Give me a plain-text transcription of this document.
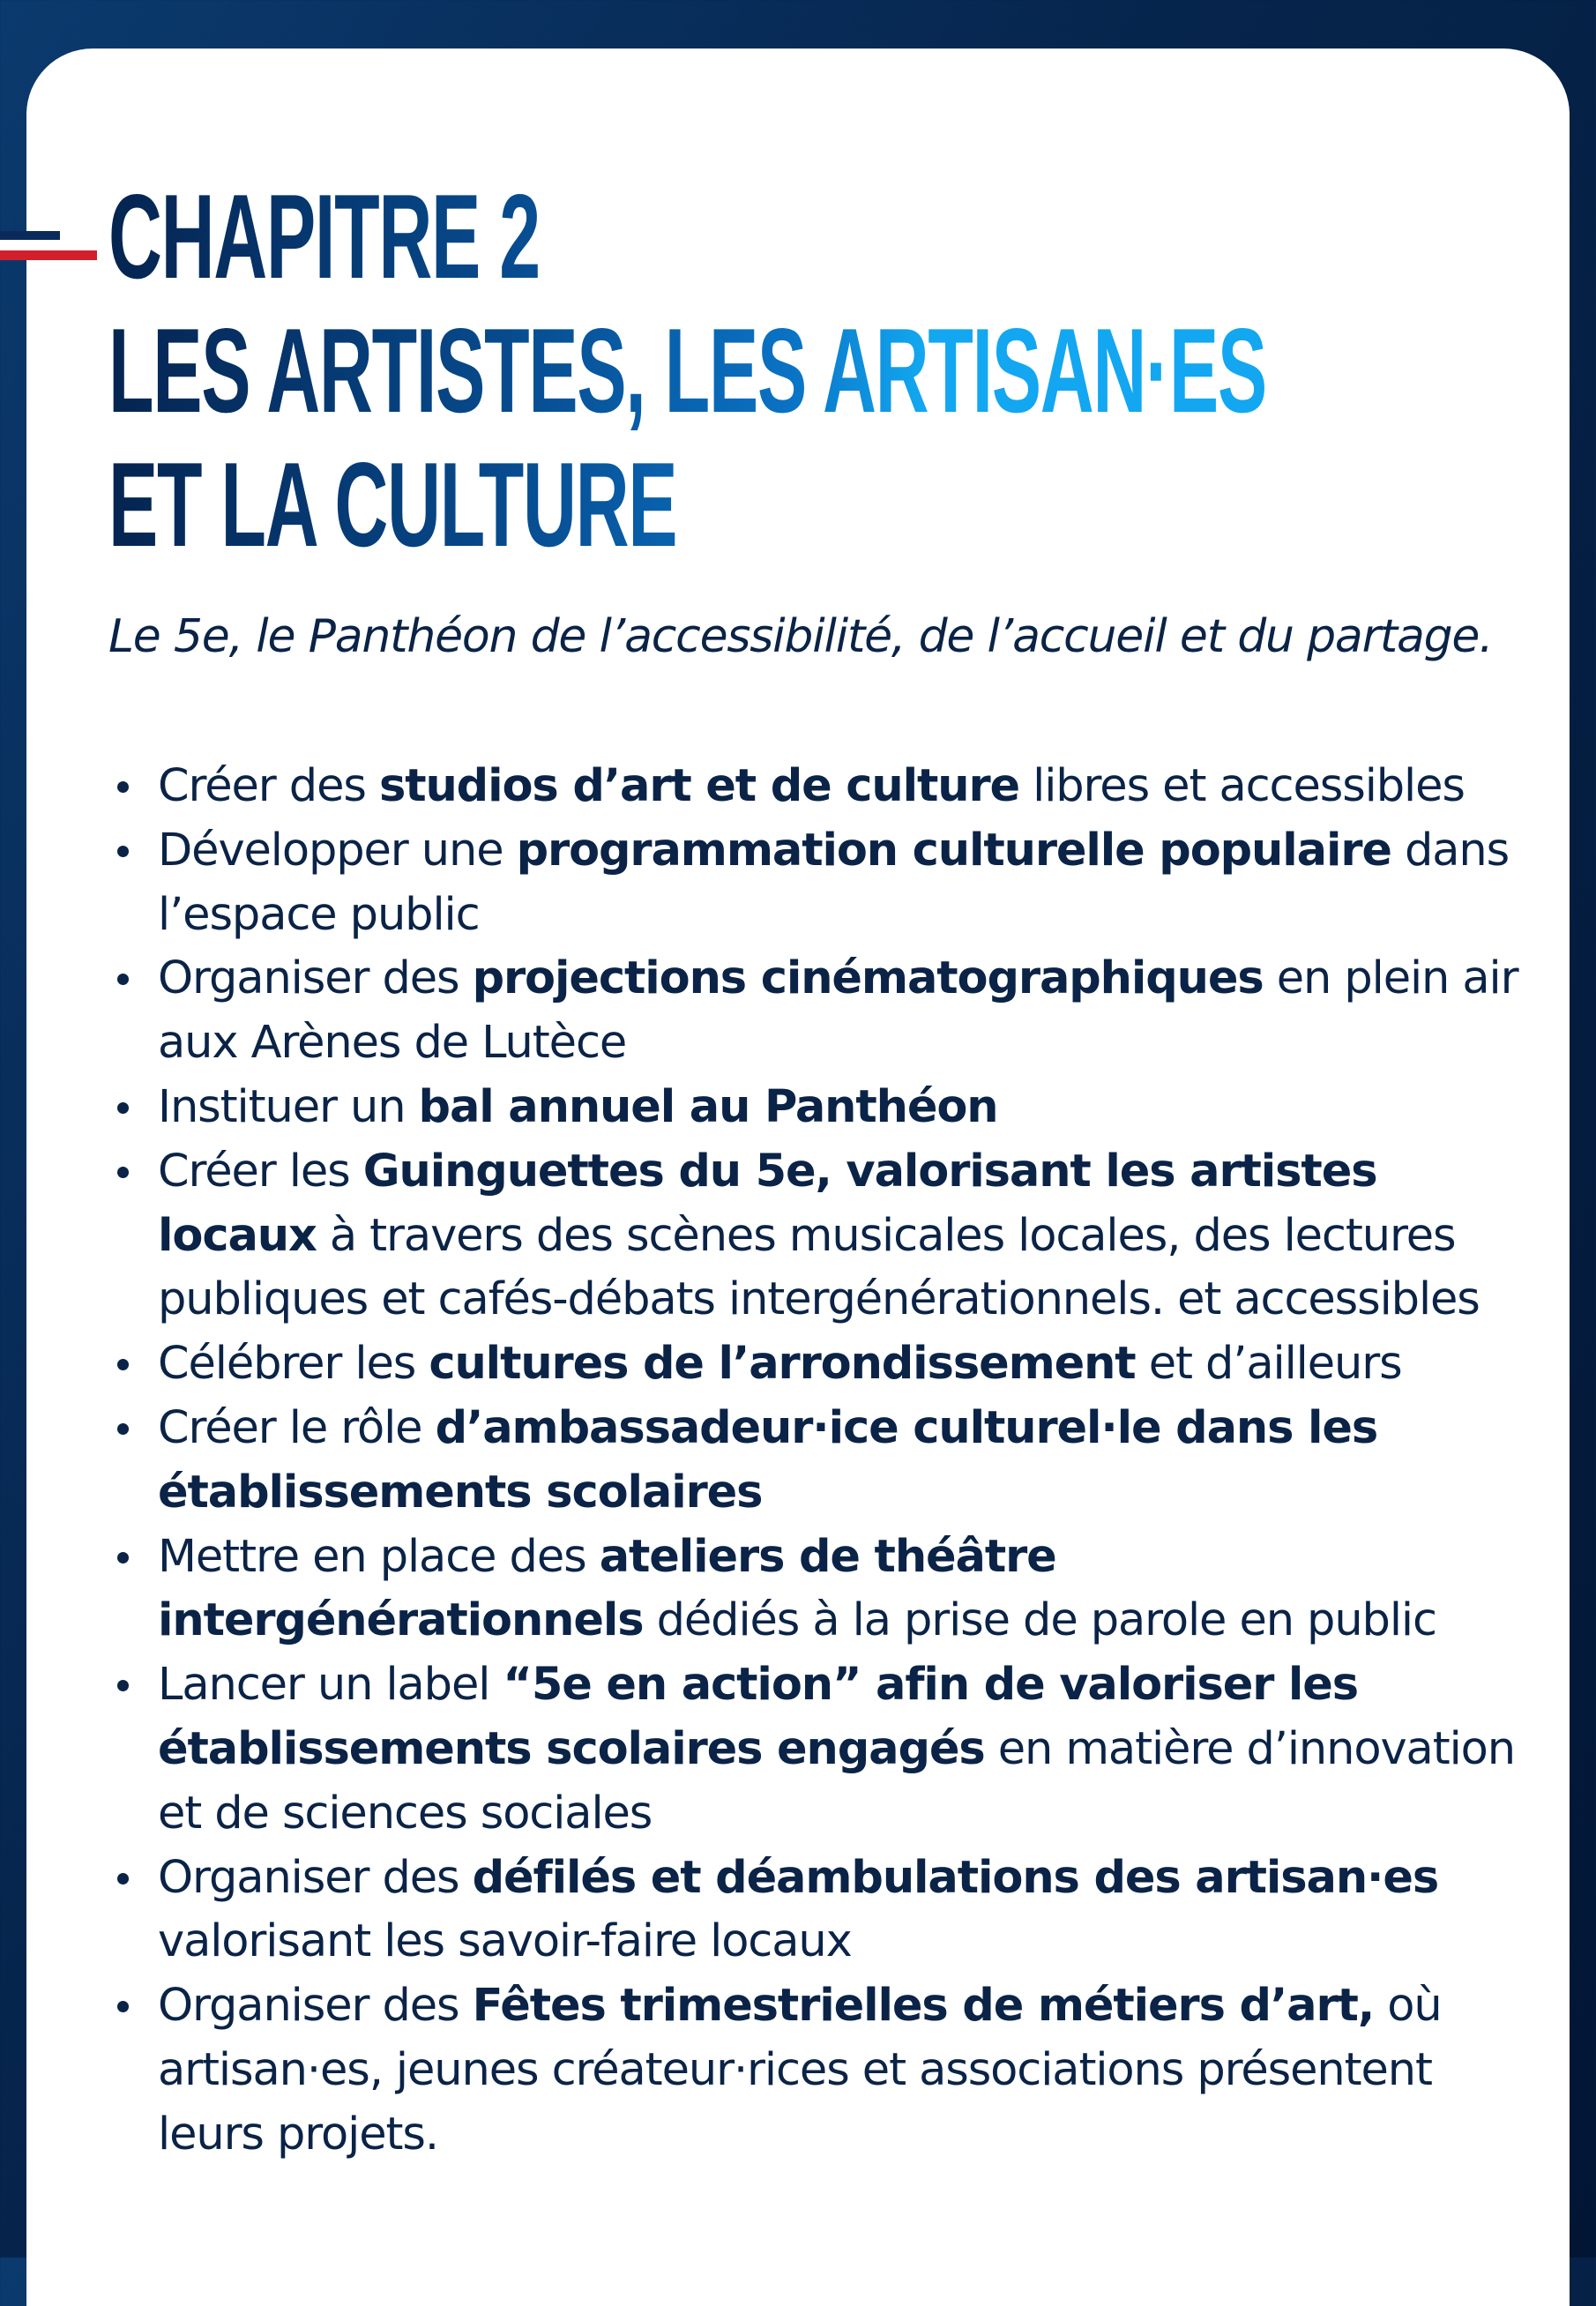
CHAPITRE 2
LES ARTISTES, LES ARTISAN·ES
ET LA CULTURE

Le 5e, le Panthéon de l’accessibilité, de l’accueil et du partage.

Créer des studios d’art et de culture libres et accessibles
Développer une programmation culturelle populaire dans l’espace public
Organiser des projections cinématographiques en plein air aux Arènes de Lutèce
Instituer un bal annuel au Panthéon
Créer les Guinguettes du 5e, valorisant les artistes locaux à travers des scènes musicales locales, des lectures publiques et cafés-débats intergénérationnels. et accessibles
Célébrer les cultures de l’arrondissement et d’ailleurs
Créer le rôle d’ambassadeur·ice culturel·le dans les établissements scolaires
Mettre en place des ateliers de théâtre intergénérationnels dédiés à la prise de parole en public
Lancer un label “5e en action” afin de valoriser les établissements scolaires engagés en matière d’innovation et de sciences sociales
Organiser des défilés et déambulations des artisan·es valorisant les savoir-faire locaux
Organiser des Fêtes trimestrielles de métiers d’art, où artisan·es, jeunes créateur·rices et associations présentent leurs projets.
